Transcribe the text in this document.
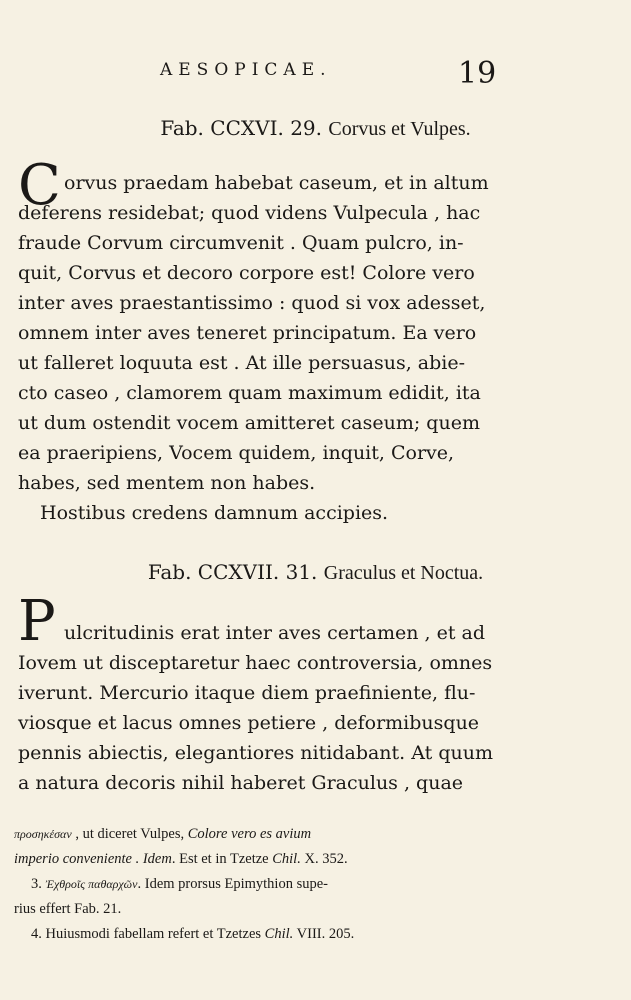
AESOPICAE.	19
Fab. CCXVI. 29. Corvus et Vulpes.
C orvus praedam habebat caseum, et in altum
deferens residebat; quod videns Vulpecula , hac
fraude Corvum circumvenit . Quam pulcro, in-
quit, Corvus et decoro corpore est! Colore vero
inter aves praestantissimo : quod si vox adesset,
omnem inter aves teneret principatum. Ea vero
ut falleret loquuta est . At ille persuasus, abie-
cto caseo , clamorem quam maximum edidit, ita
ut dum ostendit vocem amitteret caseum; quem
ea praeripiens, Vocem quidem, inquit, Corve,
habes, sed mentem non habes.
Hostibus credens damnum accipies.
Fab. CCXVII. 31. Graculus et Noctua.
P ulcritudinis erat inter aves certamen , et ad
Iovem ut disceptaretur haec controversia, omnes
iverunt. Mercurio itaque diem praefiniente, flu-
viosque et lacus omnes petiere , deformibusque
pennis abiectis, elegantiores nitidabant. At quum
a natura decoris nihil haberet Graculus , quae
προσηκέσαν , ut diceret Vulpes, Colore vero es avium
imperio conveniente . Idem. Est et in Tzetze Chil. X. 352.
3. Ἐχθροῖς παθαρχῶν. Idem prorsus Epimythion supe-
rius effert Fab. 21.
4. Huiusmodi fabellam refert et Tzetzes Chil. VIII. 205.
